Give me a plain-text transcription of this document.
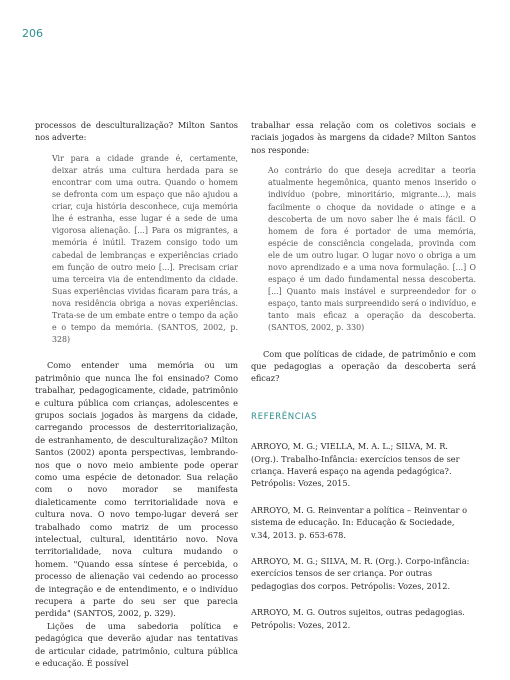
206

processos de desculturalização? Milton Santos nos adverte:

Vir para a cidade grande é, certamente, deixar atrás uma cultura herdada para se encontrar com uma outra. Quando o homem se defronta com um espaço que não ajudou a criar, cuja história desconhece, cuja memória lhe é estranha, esse lugar é a sede de uma vigorosa alienação. [...] Para os migrantes, a memória é inútil. Trazem consigo todo um cabedal de lembranças e experiências criado em função de outro meio [...]. Precisam criar uma terceira via de entendimento da cidade. Suas experiências vividas ficaram para trás, a nova residência obriga a novas experiências. Trata-se de um embate entre o tempo da ação e o tempo da memória. (SANTOS, 2002, p. 328)

Como entender uma memória ou um patrimônio que nunca lhe foi ensinado? Como trabalhar, pedagogicamente, cidade, patrimônio e cultura pública com crianças, adolescentes e grupos sociais jogados às margens da cidade, carregando processos de desterritorialização, de estranhamento, de desculturalização? Milton Santos (2002) aponta perspectivas, lembrando-nos que o novo meio ambiente pode operar como uma espécie de detonador. Sua relação com o novo morador se manifesta dialeticamente como territorialidade nova e cultura nova. O novo tempo-lugar deverá ser trabalhado como matriz de um processo intelectual, cultural, identitário novo. Nova territorialidade, nova cultura mudando o homem. "Quando essa síntese é percebida, o processo de alienação vai cedendo ao processo de integração e de entendimento, e o indivíduo recupera a parte do seu ser que parecia perdida" (SANTOS, 2002, p. 329).

Lições de uma sabedoria política e pedagógica que deverão ajudar nas tentativas de articular cidade, patrimônio, cultura pública e educação. É possível

trabalhar essa relação com os coletivos sociais e raciais jogados às margens da cidade? Milton Santos nos responde:

Ao contrário do que deseja acreditar a teoria atualmente hegemônica, quanto menos inserido o indivíduo (pobre, minoritário, migrante...), mais facilmente o choque da novidade o atinge e a descoberta de um novo saber lhe é mais fácil. O homem de fora é portador de uma memória, espécie de consciência congelada, provinda com ele de um outro lugar. O lugar novo o obriga a um novo aprendizado e a uma nova formulação. [...] O espaço é um dado fundamental nessa descoberta. [...] Quanto mais instável e surpreendedor for o espaço, tanto mais surpreendido será o indivíduo, e tanto mais eficaz a operação da descoberta. (SANTOS, 2002, p. 330)

Com que políticas de cidade, de patrimônio e com que pedagogias a operação da descoberta será eficaz?

REFERÊNCIAS

ARROYO, M. G.; VIELLA, M. A. L.; SILVA, M. R. (Org.). Trabalho-Infância: exercícios tensos de ser criança. Haverá espaço na agenda pedagógica?. Petrópolis: Vozes, 2015.

ARROYO, M. G. Reinventar a política – Reinventar o sistema de educação. In: Educação & Sociedade, v.34, 2013. p. 653-678.

ARROYO, M. G.; SILVA, M. R. (Org.). Corpo-infância: exercícios tensos de ser criança. Por outras pedagogias dos corpos. Petrópolis: Vozes, 2012.

ARROYO, M. G. Outros sujeitos, outras pedagogias. Petrópolis: Vozes, 2012.
